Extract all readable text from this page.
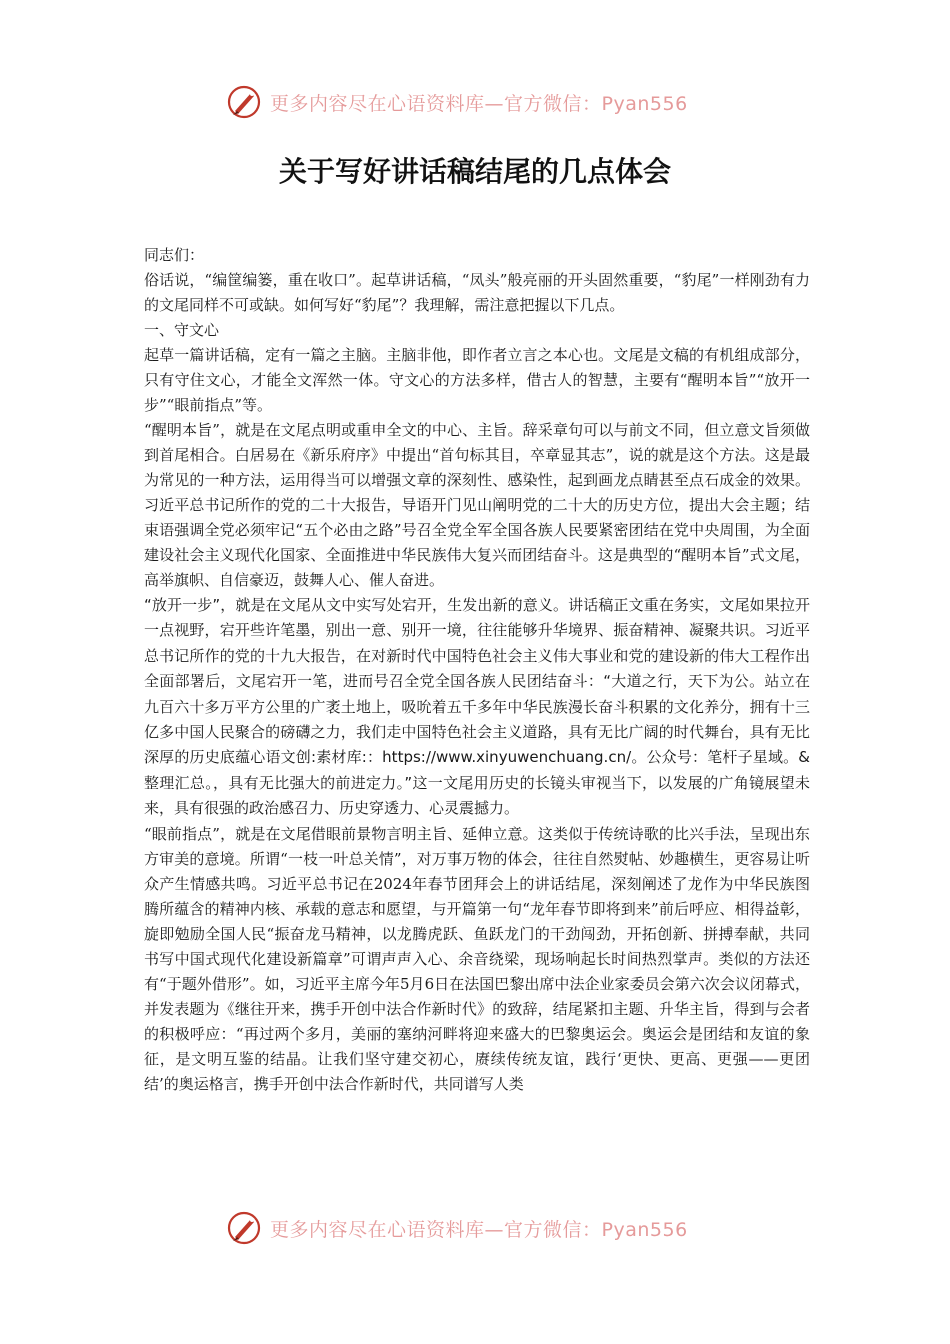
更多内容尽在心语资料库—官方微信：Pyan556
关于写好讲话稿结尾的几点体会

同志们：

俗话说，“编筐编篓，重在收口”。起草讲话稿，“凤头”般亮丽的开头固然重要，“豹尾”一样刚劲有力的文尾同样不可或缺。如何写好“豹尾”？我理解，需注意把握以下几点。

一、守文心

起草一篇讲话稿，定有一篇之主脑。主脑非他，即作者立言之本心也。文尾是文稿的有机组成部分，只有守住文心，才能全文浑然一体。守文心的方法多样，借古人的智慧，主要有“醒明本旨”“放开一步”“眼前指点”等。

“醒明本旨”，就是在文尾点明或重申全文的中心、主旨。辞采章句可以与前文不同，但立意文旨须做到首尾相合。白居易在《新乐府序》中提出“首句标其目，卒章显其志”，说的就是这个方法。这是最为常见的一种方法，运用得当可以增强文章的深刻性、感染性，起到画龙点睛甚至点石成金的效果。习近平总书记所作的党的二十大报告，导语开门见山阐明党的二十大的历史方位，提出大会主题；结束语强调全党必须牢记“五个必由之路”号召全党全军全国各族人民要紧密团结在党中央周围，为全面建设社会主义现代化国家、全面推进中华民族伟大复兴而团结奋斗。这是典型的“醒明本旨”式文尾，高举旗帜、自信豪迈，鼓舞人心、催人奋进。

“放开一步”，就是在文尾从文中实写处宕开，生发出新的意义。讲话稿正文重在务实，文尾如果拉开一点视野，宕开些许笔墨，别出一意、别开一境，往往能够升华境界、振奋精神、凝聚共识。习近平总书记所作的党的十九大报告，在对新时代中国特色社会主义伟大事业和党的建设新的伟大工程作出全面部署后，文尾宕开一笔，进而号召全党全国各族人民团结奋斗：“大道之行，天下为公。站立在九百六十多万平方公里的广袤土地上，吸吮着五千多年中华民族漫长奋斗积累的文化养分，拥有十三亿多中国人民聚合的磅礴之力，我们走中国特色社会主义道路，具有无比广阔的时代舞台，具有无比深厚的历史底蕴心语文创:素材库:：https://www.xinyuwenchuang.cn/。公众号：笔杆子星域。&整理汇总。，具有无比强大的前进定力。”这一文尾用历史的长镜头审视当下，以发展的广角镜展望未来，具有很强的政治感召力、历史穿透力、心灵震撼力。

“眼前指点”，就是在文尾借眼前景物言明主旨、延伸立意。这类似于传统诗歌的比兴手法，呈现出东方审美的意境。所谓“一枝一叶总关情”，对万事万物的体会，往往自然熨帖、妙趣横生，更容易让听众产生情感共鸣。习近平总书记在2024年春节团拜会上的讲话结尾，深刻阐述了龙作为中华民族图腾所蕴含的精神内核、承载的意志和愿望，与开篇第一句“龙年春节即将到来”前后呼应、相得益彰，旋即勉励全国人民“振奋龙马精神，以龙腾虎跃、鱼跃龙门的干劲闯劲，开拓创新、拼搏奉献，共同书写中国式现代化建设新篇章”可谓声声入心、余音绕梁，现场响起长时间热烈掌声。类似的方法还有“于题外借形”。如，习近平主席今年5月6日在法国巴黎出席中法企业家委员会第六次会议闭幕式，并发表题为《继往开来，携手开创中法合作新时代》的致辞，结尾紧扣主题、升华主旨，得到与会者的积极呼应：“再过两个多月，美丽的塞纳河畔将迎来盛大的巴黎奥运会。奥运会是团结和友谊的象征，是文明互鉴的结晶。让我们坚守建交初心，赓续传统友谊，践行‘更快、更高、更强——更团结’的奥运格言，携手开创中法合作新时代，共同谱写人类

更多内容尽在心语资料库—官方微信：Pyan556
